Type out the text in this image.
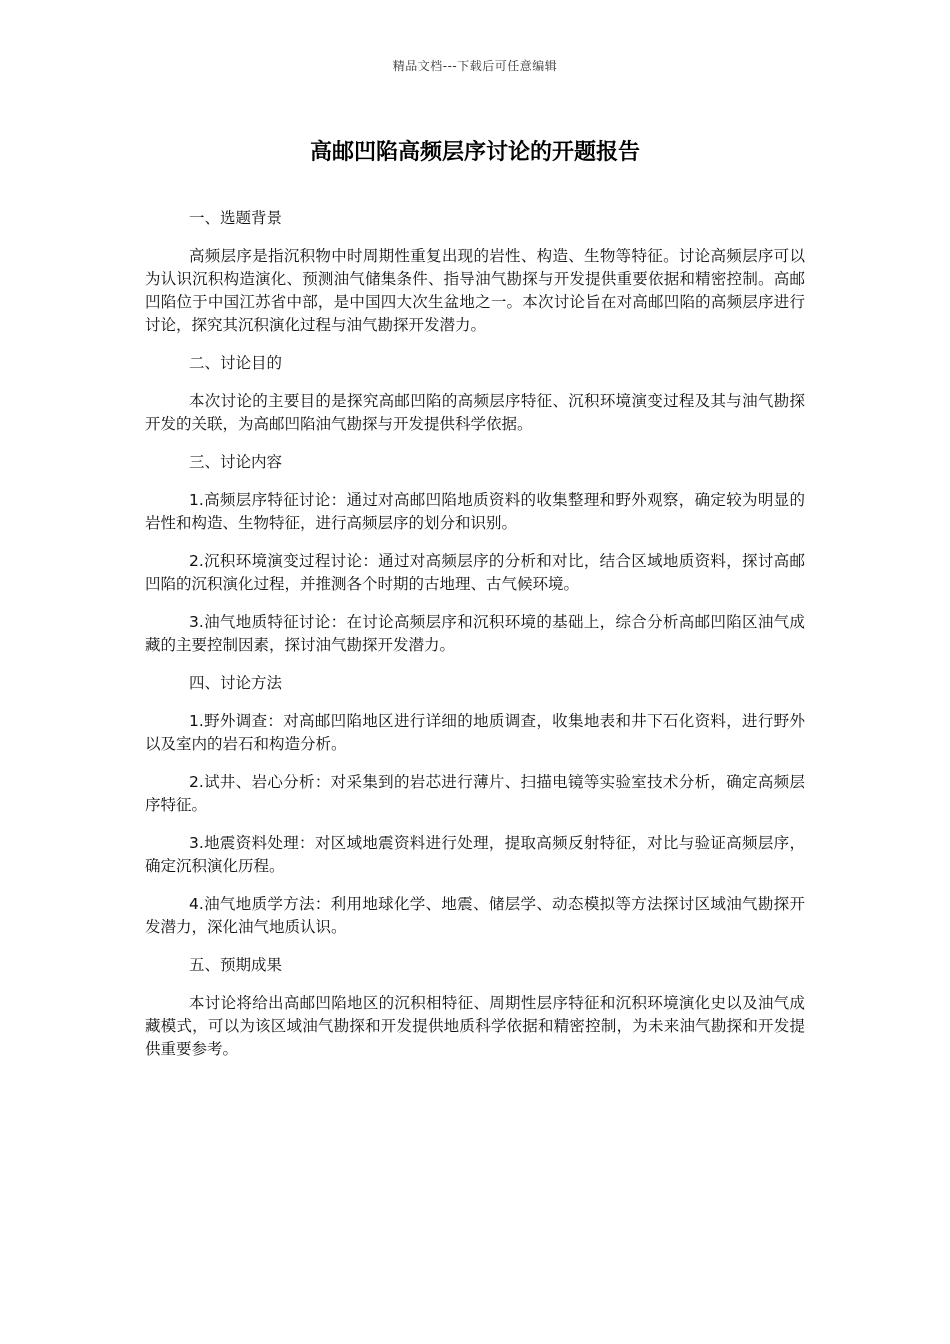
精品文档---下载后可任意编辑
高邮凹陷高频层序讨论的开题报告

一、选题背景

高频层序是指沉积物中时周期性重复出现的岩性、构造、生物等特征。讨论高频层序可以为认识沉积构造演化、预测油气储集条件、指导油气勘探与开发提供重要依据和精密控制。高邮凹陷位于中国江苏省中部，是中国四大次生盆地之一。本次讨论旨在对高邮凹陷的高频层序进行讨论，探究其沉积演化过程与油气勘探开发潜力。

二、讨论目的

本次讨论的主要目的是探究高邮凹陷的高频层序特征、沉积环境演变过程及其与油气勘探开发的关联，为高邮凹陷油气勘探与开发提供科学依据。

三、讨论内容

1.高频层序特征讨论：通过对高邮凹陷地质资料的收集整理和野外观察，确定较为明显的岩性和构造、生物特征，进行高频层序的划分和识别。

2.沉积环境演变过程讨论：通过对高频层序的分析和对比，结合区域地质资料，探讨高邮凹陷的沉积演化过程，并推测各个时期的古地理、古气候环境。

3.油气地质特征讨论：在讨论高频层序和沉积环境的基础上，综合分析高邮凹陷区油气成藏的主要控制因素，探讨油气勘探开发潜力。

四、讨论方法

1.野外调查：对高邮凹陷地区进行详细的地质调查，收集地表和井下石化资料，进行野外以及室内的岩石和构造分析。

2.试井、岩心分析：对采集到的岩芯进行薄片、扫描电镜等实验室技术分析，确定高频层序特征。

3.地震资料处理：对区域地震资料进行处理，提取高频反射特征，对比与验证高频层序，确定沉积演化历程。

4.油气地质学方法：利用地球化学、地震、储层学、动态模拟等方法探讨区域油气勘探开发潜力，深化油气地质认识。

五、预期成果

本讨论将给出高邮凹陷地区的沉积相特征、周期性层序特征和沉积环境演化史以及油气成藏模式，可以为该区域油气勘探和开发提供地质科学依据和精密控制，为未来油气勘探和开发提供重要参考。
